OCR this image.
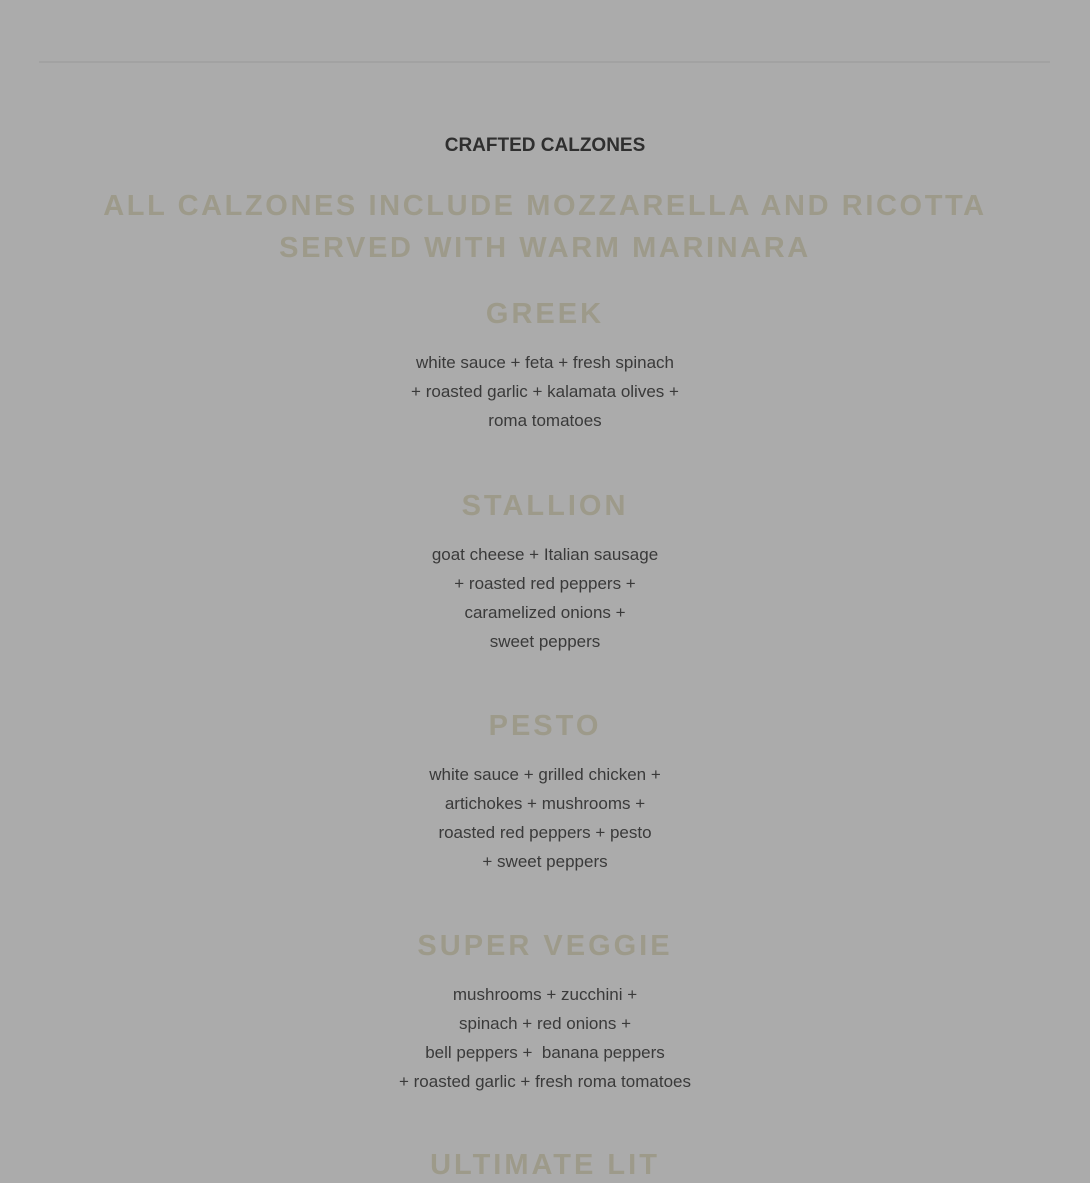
CRAFTED CALZONES
ALL CALZONES INCLUDE MOZZARELLA AND RICOTTA SERVED WITH WARM MARINARA
GREEK
white sauce + feta + fresh spinach
+ roasted garlic + kalamata olives +
roma tomatoes
STALLION
goat cheese + Italian sausage
+ roasted red peppers +
caramelized onions +
sweet peppers
PESTO
white sauce + grilled chicken +
artichokes + mushrooms +
roasted red peppers + pesto
+ sweet peppers
SUPER VEGGIE
mushrooms + zucchini +
spinach + red onions +
bell peppers +  banana peppers
+ roasted garlic + fresh roma tomatoes
ULTIMATE LIT
